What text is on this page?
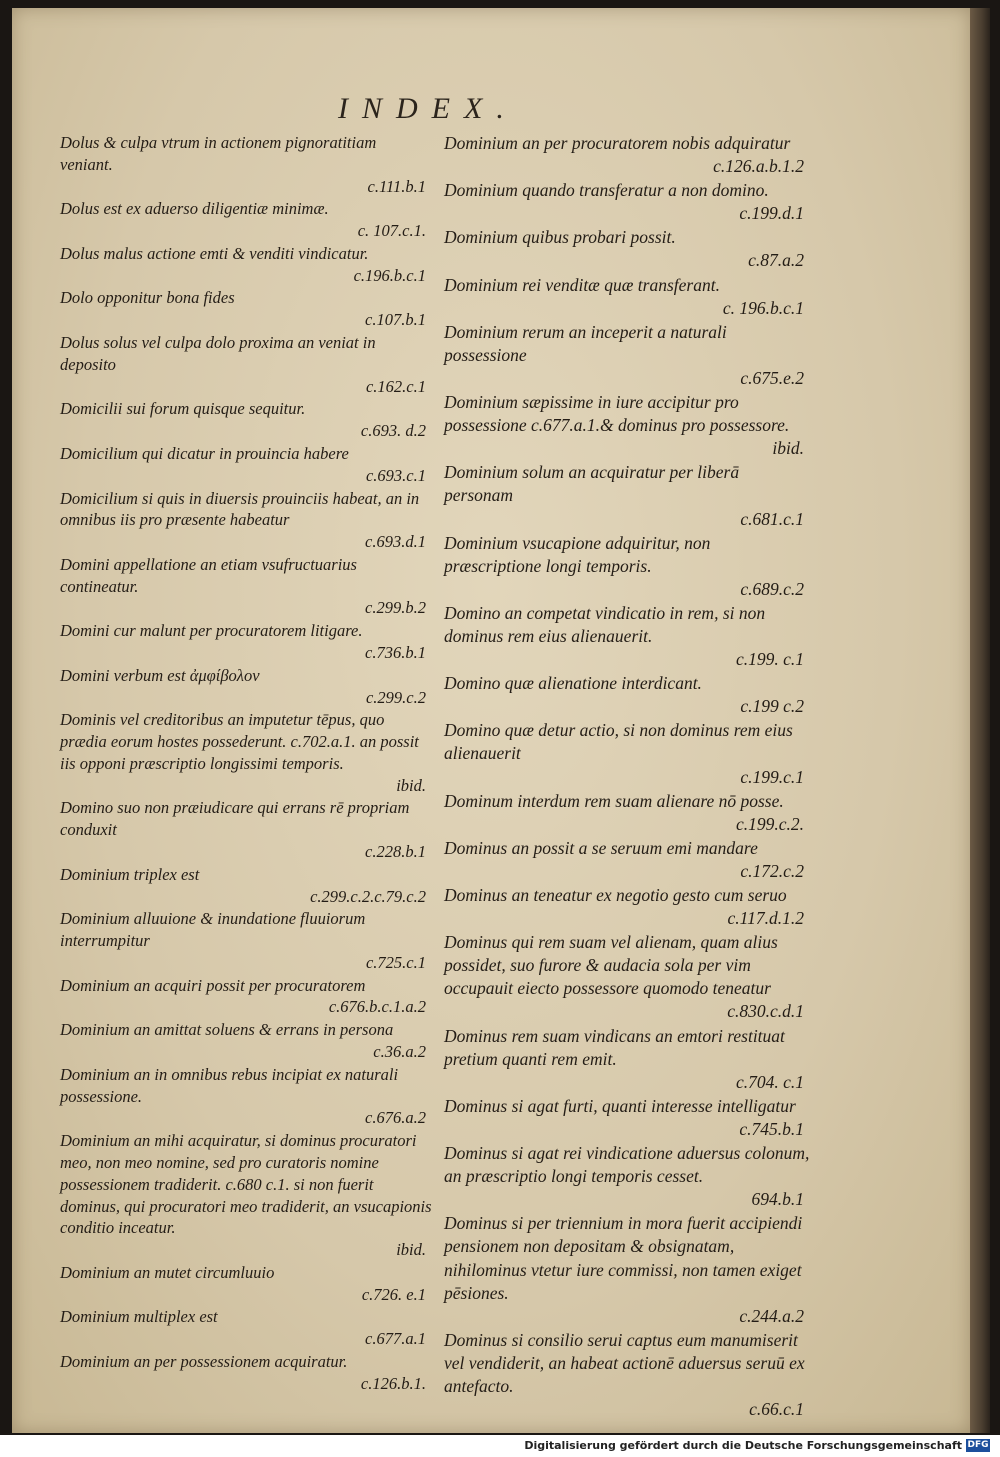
INDEX.
Dolus & culpa vtrum in actionem pignoratitiam veniant.
c.111.b.1
Dolus est ex aduerso diligentiæ minimæ.
c. 107.c.1.
Dolus malus actione emti & venditi vindicatur.
c.196.b.c.1
Dolo opponitur bona fides
c.107.b.1
Dolus solus vel culpa dolo proxima an veniat in deposito
c.162.c.1
Domicilii sui forum quisque sequitur.
c.693. d.2
Domicilium qui dicatur in prouincia habere
c.693.c.1
Domicilium si quis in diuersis prouinciis habeat, an in omnibus iis pro præsente habeatur
c.693.d.1
Domini appellatione an etiam vsufructuarius contineatur.
c.299.b.2
Domini cur malunt per procuratorem litigare.
c.736.b.1
Domini verbum est ἀμφίβολον
c.299.c.2
Dominis vel creditoribus an imputetur tēpus, quo prædia eorum hostes possederunt. c.702.a.1. an possit iis opponi præscriptio longissimi temporis.
ibid.
Domino suo non præiudicare qui errans rē propriam conduxit
c.228.b.1
Dominium triplex est
c.299.c.2.c.79.c.2
Dominium alluuione & inundatione fluuiorum interrumpitur
c.725.c.1
Dominium an acquiri possit per procuratorem
c.676.b.c.1.a.2
Dominium an amittat soluens & errans in persona
c.36.a.2
Dominium an in omnibus rebus incipiat ex naturali possessione.
c.676.a.2
Dominium an mihi acquiratur, si dominus procuratori meo, non meo nomine, sed pro curatoris nomine possessionem tradiderit. c.680 c.1. si non fuerit dominus, qui procuratori meo tradiderit, an vsucapionis conditio inceatur.
ibid.
Dominium an mutet circumluuio
c.726. e.1
Dominium multiplex est
c.677.a.1
Dominium an per possessionem acquiratur.
c.126.b.1.
Dominium an per procuratorem nobis adquiratur
c.126.a.b.1.2
Dominium quando transferatur a non domino.
c.199.d.1
Dominium quibus probari possit.
c.87.a.2
Dominium rei venditæ quæ transferant.
c. 196.b.c.1
Dominium rerum an inceperit a naturali possessione
c.675.e.2
Dominium sæpissime in iure accipitur pro possessione c.677.a.1.& dominus pro possessore.
ibid.
Dominium solum an acquiratur per liberā personam
c.681.c.1
Dominium vsucapione adquiritur, non præscriptione longi temporis.
c.689.c.2
Domino an competat vindicatio in rem, si non dominus rem eius alienauerit.
c.199. c.1
Domino quæ alienatione interdicant.
c.199 c.2
Domino quæ detur actio, si non dominus rem eius alienauerit
c.199.c.1
Dominum interdum rem suam alienare nō posse.
c.199.c.2.
Dominus an possit a se seruum emi mandare
c.172.c.2
Dominus an teneatur ex negotio gesto cum seruo
c.117.d.1.2
Dominus qui rem suam vel alienam, quam alius possidet, suo furore & audacia sola per vim occupauit eiecto possessore quomodo teneatur
c.830.c.d.1
Dominus rem suam vindicans an emtori restituat pretium quanti rem emit.
c.704. c.1
Dominus si agat furti, quanti interesse intelligatur
c.745.b.1
Dominus si agat rei vindicatione aduersus colonum, an præscriptio longi temporis cesset.
694.b.1
Dominus si per triennium in mora fuerit accipiendi pensionem non depositam & obsignatam, nihilominus vtetur iure commissi, non tamen exiget pēsiones.
c.244.a.2
Dominus si consilio serui captus eum manumiserit vel vendiderit, an habeat actionē aduersus seruū ex antefacto.
c.66.c.1
Digitalisierung gefördert durch die Deutsche Forschungsgemeinschaft DFG
